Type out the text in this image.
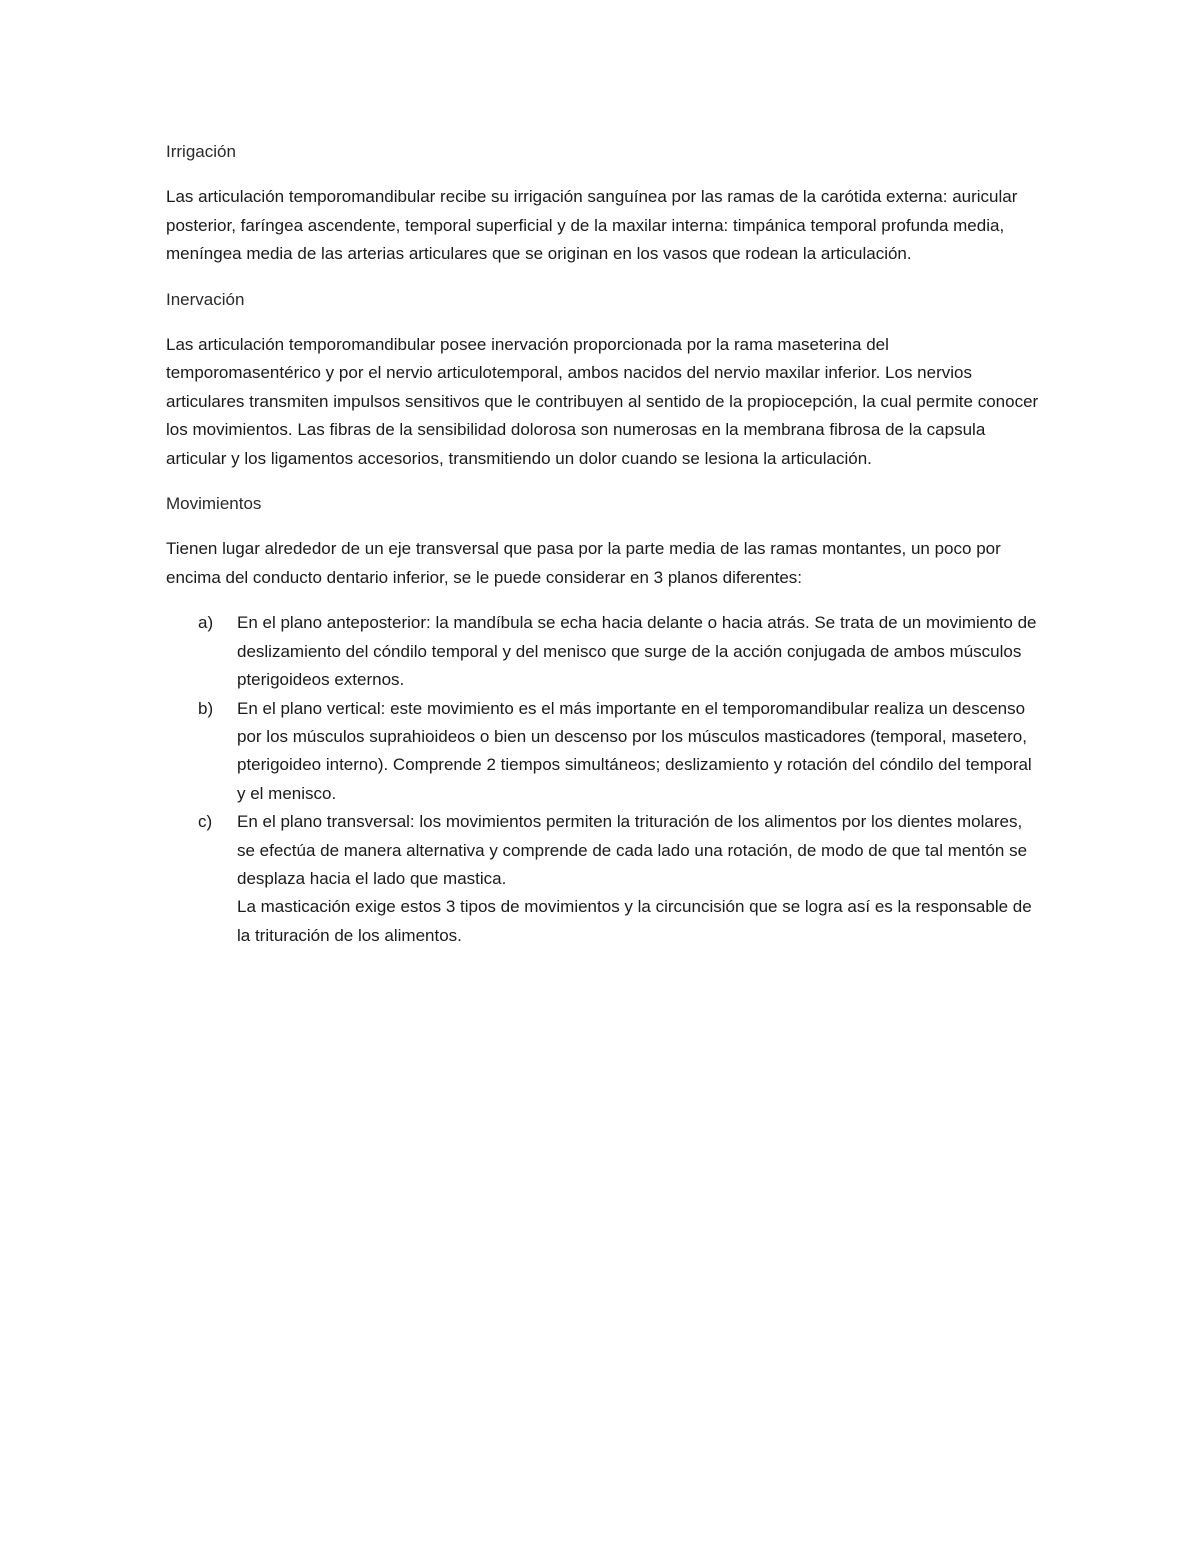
Irrigación

Las articulación temporomandibular recibe su irrigación sanguínea por las ramas de la carótida externa: auricular posterior, faríngea ascendente, temporal superficial y de la maxilar interna: timpánica temporal profunda media, meníngea media de las arterias articulares que se originan en los vasos que rodean la articulación.

Inervación

Las articulación temporomandibular posee inervación proporcionada por la rama maseterina del temporomasentérico y por el nervio articulotemporal, ambos nacidos del nervio maxilar inferior. Los nervios articulares transmiten impulsos sensitivos que le contribuyen al sentido de la propiocepción, la cual permite conocer los movimientos. Las fibras de la sensibilidad dolorosa son numerosas en la membrana fibrosa de la capsula articular y los ligamentos accesorios, transmitiendo un dolor cuando se lesiona la articulación.

Movimientos

Tienen lugar alrededor de un eje transversal que pasa por la parte media de las ramas montantes, un poco por encima del conducto dentario inferior, se le puede considerar en 3 planos diferentes:

a) En el plano anteposterior: la mandíbula se echa hacia delante o hacia atrás. Se trata de un movimiento de deslizamiento del cóndilo temporal y del menisco que surge de la acción conjugada de ambos músculos pterigoideos externos.
b) En el plano vertical: este movimiento es el más importante en el temporomandibular realiza un descenso por los músculos suprahioideos o bien un descenso por los músculos masticadores (temporal, masetero, pterigoideo interno). Comprende 2 tiempos simultáneos; deslizamiento y rotación del cóndilo del temporal y el menisco.
c) En el plano transversal: los movimientos permiten la trituración de los alimentos por los dientes molares, se efectúa de manera alternativa y comprende de cada lado una rotación, de modo de que tal mentón se desplaza hacia el lado que mastica.
La masticación exige estos 3 tipos de movimientos y la circuncisión que se logra así es la responsable de la trituración de los alimentos.
